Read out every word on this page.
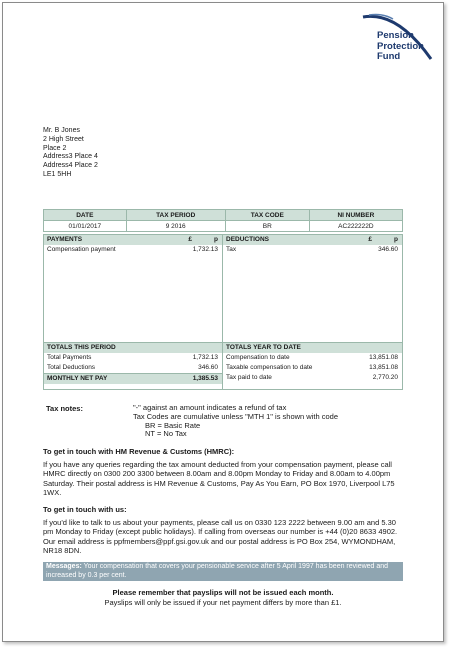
Pension
Protection
Fund
Mr. B Jones
2 High Street
Place 2
Address3 Place 4
Address4 Place 2
LE1 5HH
DATE	TAX PERIOD	TAX CODE	NI NUMBER
01/01/2017	9 2016	BR	AC222222D
PAYMENTS	£	p
Compensation payment	1,732.13
TOTALS THIS PERIOD
Total Payments	1,732.13
Total Deductions	346.60
MONTHLY NET PAY	1,385.53
DEDUCTIONS	£	p
Tax	346.60
TOTALS YEAR TO DATE
Compensation to date	13,851.08
Taxable compensation to date	13,851.08
Tax paid to date	2,770.20
Tax notes:	"-" against an amount indicates a refund of tax
Tax Codes are cumulative unless "MTH 1" is shown with code
BR = Basic Rate
NT = No Tax
To get in touch with HM Revenue & Customs (HMRC):

If you have any queries regarding the tax amount deducted from your compensation payment, please call HMRC directly on 0300 200 3300 between 8.00am and 8.00pm Monday to Friday and 8.00am to 4.00pm Saturday. Their postal address is HM Revenue & Customs, Pay As You Earn, PO Box 1970, Liverpool L75 1WX.

To get in touch with us:

If you'd like to talk to us about your payments, please call us on 0330 123 2222 between 9.00 am and 5.30 pm Monday to Friday (except public holidays). If calling from overseas our number is +44 (0)20 8633 4902. Our email address is ppfmembers@ppf.gsi.gov.uk and our postal address is PO Box 254, WYMONDHAM, NR18 8DN.

Messages: Your compensation that covers your pensionable service after 5 April 1997 has been reviewed and increased by 0.3 per cent.
Please remember that payslips will not be issued each month.
Payslips will only be issued if your net payment differs by more than £1.
